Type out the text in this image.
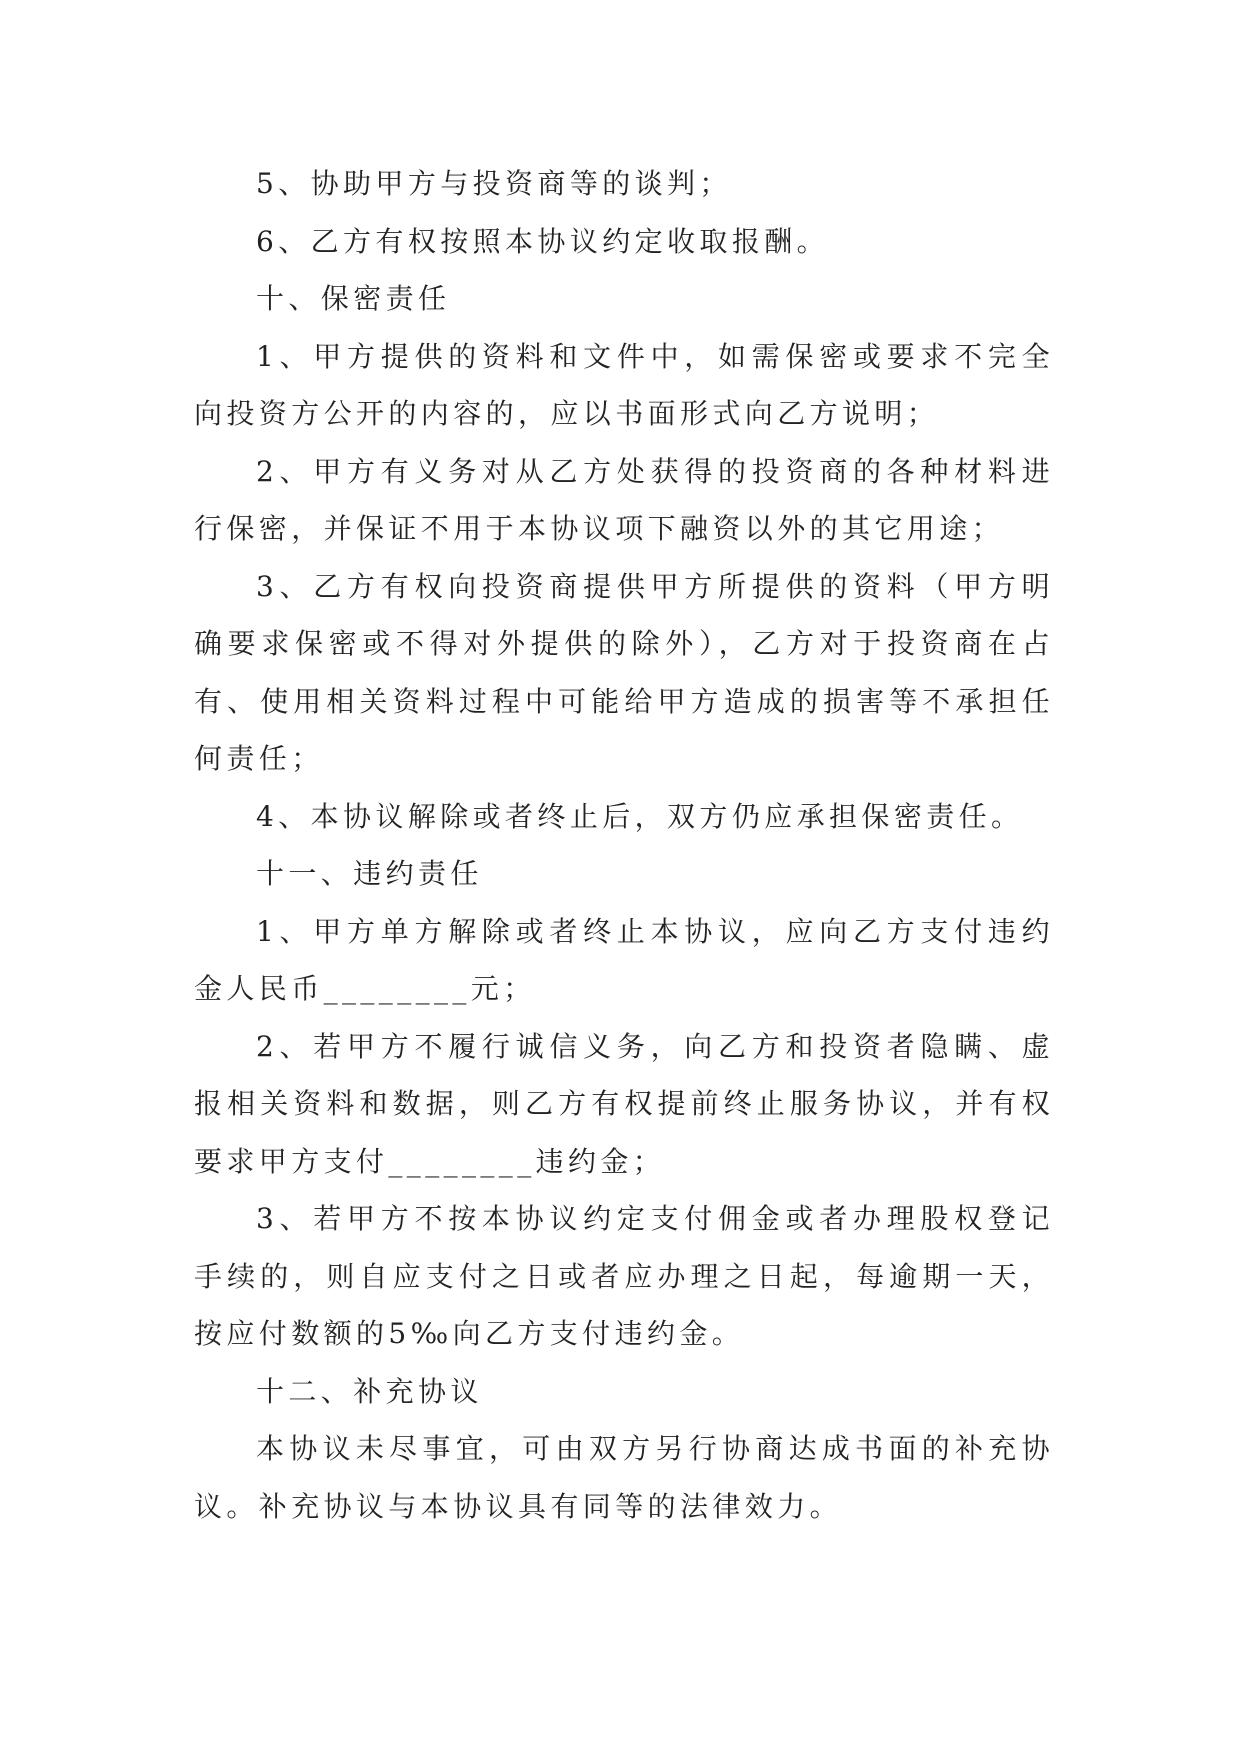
5、协助甲方与投资商等的谈判；

6、乙方有权按照本协议约定收取报酬。

十、保密责任

1、甲方提供的资料和文件中，如需保密或要求不完全向投资方公开的内容的，应以书面形式向乙方说明；

2、甲方有义务对从乙方处获得的投资商的各种材料进行保密，并保证不用于本协议项下融资以外的其它用途；

3、乙方有权向投资商提供甲方所提供的资料（甲方明确要求保密或不得对外提供的除外），乙方对于投资商在占有、使用相关资料过程中可能给甲方造成的损害等不承担任何责任；

4、本协议解除或者终止后，双方仍应承担保密责任。

十一、违约责任

1、甲方单方解除或者终止本协议，应向乙方支付违约金人民币________元；

2、若甲方不履行诚信义务，向乙方和投资者隐瞒、虚报相关资料和数据，则乙方有权提前终止服务协议，并有权要求甲方支付________违约金；

3、若甲方不按本协议约定支付佣金或者办理股权登记手续的，则自应支付之日或者应办理之日起，每逾期一天，按应付数额的5‰向乙方支付违约金。

十二、补充协议

本协议未尽事宜，可由双方另行协商达成书面的补充协议。补充协议与本协议具有同等的法律效力。
